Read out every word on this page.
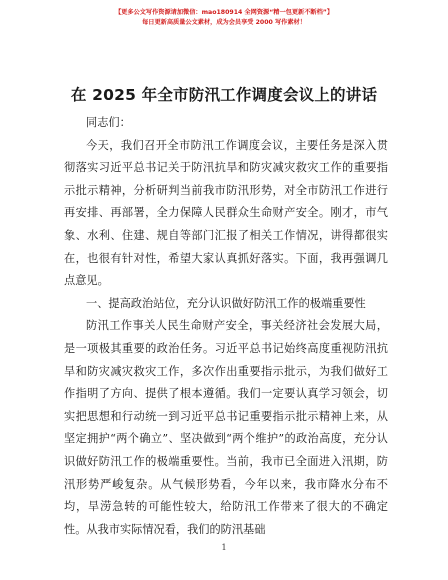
【更多公文写作资源请加微信：mao180914 全网资源“精一包更新不断档”】
每日更新高质量公文素材，成为会员享受 2000 写作素材！
在 2025 年全市防汛工作调度会议上的讲话

同志们：

今天，我们召开全市防汛工作调度会议，主要任务是深入贯彻落实习近平总书记关于防汛抗旱和防灾减灾救灾工作的重要指示批示精神，分析研判当前我市防汛形势，对全市防汛工作进行再安排、再部署，全力保障人民群众生命财产安全。刚才，市气象、水利、住建、规自等部门汇报了相关工作情况，讲得都很实在，也很有针对性，希望大家认真抓好落实。下面，我再强调几点意见。

一、提高政治站位，充分认识做好防汛工作的极端重要性

防汛工作事关人民生命财产安全，事关经济社会发展大局，是一项极其重要的政治任务。习近平总书记始终高度重视防汛抗旱和防灾减灾救灾工作，多次作出重要指示批示，为我们做好工作指明了方向、提供了根本遵循。我们一定要认真学习领会，切实把思想和行动统一到习近平总书记重要指示批示精神上来，从坚定拥护“两个确立”、坚决做到“两个维护”的政治高度，充分认识做好防汛工作的极端重要性。当前，我市已全面进入汛期，防汛形势严峻复杂。从气候形势看，今年以来，我市降水分布不均，旱涝急转的可能性较大，给防汛工作带来了很大的不确定性。从我市实际情况看，我们的防汛基础

1
